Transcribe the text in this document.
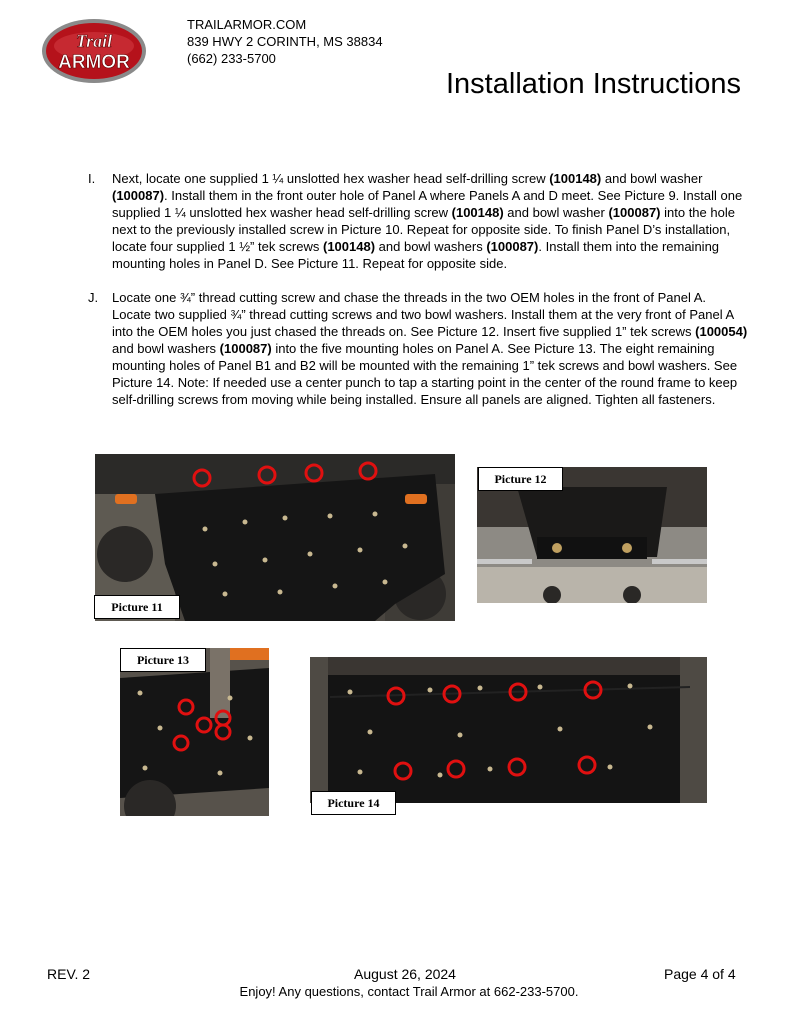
Trail
ARMOR
TRAILARMOR.COM
839 HWY 2 CORINTH, MS 38834
(662) 233-5700
Installation Instructions
I. Next, locate one supplied 1 ¼ unslotted hex washer head self-drilling screw (100148) and bowl washer (100087). Install them in the front outer hole of Panel A where Panels A and D meet. See Picture 9. Install one supplied 1 ¼ unslotted hex washer head self-drilling screw (100148) and bowl washer (100087) into the hole next to the previously installed screw in Picture 10. Repeat for opposite side. To finish Panel D’s installation, locate four supplied 1 ½” tek screws (100148) and bowl washers (100087). Install them into the remaining mounting holes in Panel D. See Picture 11. Repeat for opposite side.
J. Locate one ¾” thread cutting screw and chase the threads in the two OEM holes in the front of Panel A. Locate two supplied ¾” thread cutting screws and two bowl washers. Install them at the very front of Panel A into the OEM holes you just chased the threads on. See Picture 12. Insert five supplied 1” tek screws (100054) and bowl washers (100087) into the five mounting holes on Panel A. See Picture 13. The eight remaining mounting holes of Panel B1 and B2 will be mounted with the remaining 1” tek screws and bowl washers. See Picture 14. Note: If needed use a center punch to tap a starting point in the center of the round frame to keep self-drilling screws from moving while being installed. Ensure all panels are aligned. Tighten all fasteners.
Picture 11
Picture 12
Picture 13
Picture 14
REV. 2	August 26, 2024	Page 4 of 4
Enjoy! Any questions, contact Trail Armor at 662-233-5700.
